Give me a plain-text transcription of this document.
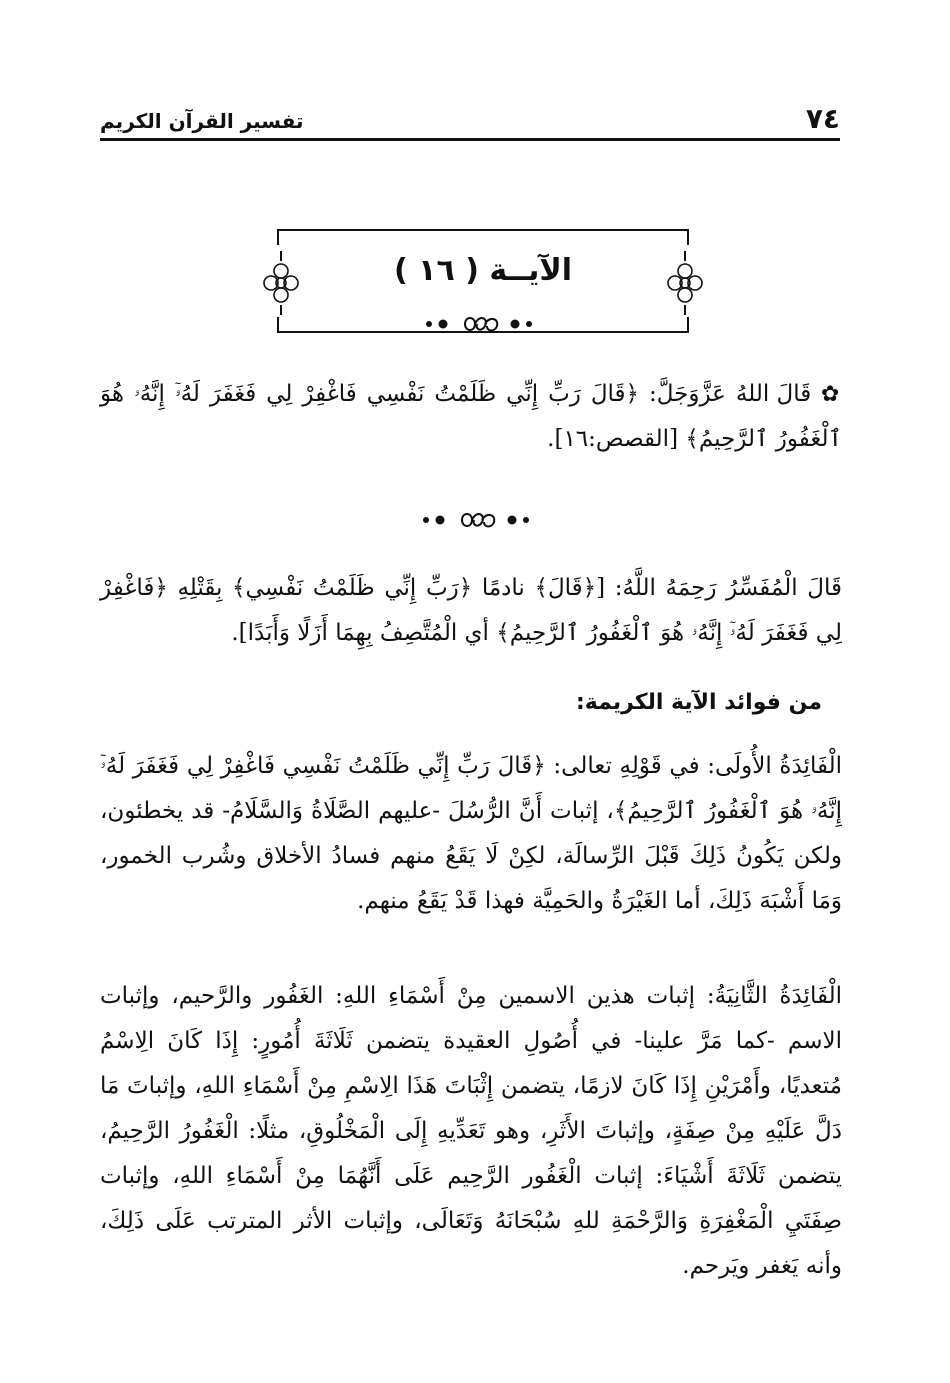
٧٤
تفسير القرآن الكريم
الآيــة ( ١٦ )
✿ قَالَ اللهُ عَزَّوَجَلَّ: ﴿قَالَ رَبِّ إِنِّي ظَلَمْتُ نَفْسِي فَاغْفِرْ لِي فَغَفَرَ لَهُۥٓ إِنَّهُۥ هُوَ ٱلْغَفُورُ ٱلرَّحِيمُ﴾ [القصص:١٦].
قَالَ الْمُفَسِّرُ رَحِمَهُ اللَّهُ: [﴿قَالَ﴾ نادمًا ﴿رَبِّ إِنِّي ظَلَمْتُ نَفْسِي﴾ بِقَتْلِهِ ﴿فَاغْفِرْ لِي فَغَفَرَ لَهُۥٓ إِنَّهُۥ هُوَ ٱلْغَفُورُ ٱلرَّحِيمُ﴾ أي الْمُتَّصِفُ بِهِمَا أَزَلًا وَأَبَدًا].
من فوائد الآية الكريمة:
الْفَائِدَةُ الأُولَى: في قَوْلِهِ تعالى: ﴿قَالَ رَبِّ إِنِّي ظَلَمْتُ نَفْسِي فَاغْفِرْ لِي فَغَفَرَ لَهُۥٓ إِنَّهُۥ هُوَ ٱلْغَفُورُ ٱلرَّحِيمُ﴾، إثبات أَنَّ الرُّسُلَ -عليهم الصَّلَاةُ وَالسَّلَامُ- قد يخطئون، ولكن يَكُونُ ذَلِكَ قَبْلَ الرِّسالَة، لكِنْ لَا يَقَعُ منهم فسادُ الأخلاق وشُرب الخمور، وَمَا أَشْبَهَ ذَلِكَ، أما الغَيْرَةُ والحَمِيَّة فهذا قَدْ يَقَعُ منهم.
الْفَائِدَةُ الثَّانِيَةُ: إثبات هذين الاسمين مِنْ أَسْمَاءِ اللهِ: الغَفُور والرَّحيم، وإثبات الاسم -كما مَرَّ علينا- في أُصُولِ العقيدة يتضمن ثَلَاثَةَ أُمُورٍ: إِذَا كَانَ الِاسْمُ مُتعديًا، وأَمْرَيْنِ إِذَا كَانَ لازمًا، يتضمن إِثْبَاتَ هَذَا الِاسْمِ مِنْ أَسْمَاءِ اللهِ، وإثباتَ مَا دَلَّ عَلَيْهِ مِنْ صِفَةٍ، وإثباتَ الأَثَرِ، وهو تَعَدِّيهِ إِلَى الْمَخْلُوقِ، مثلًا: الْغَفُورُ الرَّحِيمُ، يتضمن ثَلَاثَةَ أَشْيَاءَ: إثبات الْغَفُور الرَّحِيم عَلَى أَنَّهُمَا مِنْ أَسْمَاءِ اللهِ، وإثبات صِفَتَيِ الْمَغْفِرَةِ وَالرَّحْمَةِ للهِ سُبْحَانَهُ وَتَعَالَى، وإثبات الأثر المترتب عَلَى ذَلِكَ، وأنه يَغفر ويَرحم.
